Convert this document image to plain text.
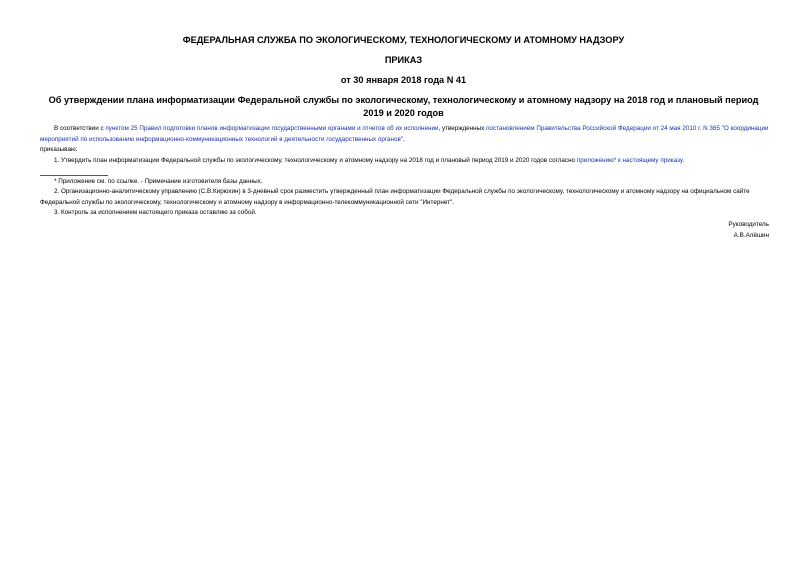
ФЕДЕРАЛЬНАЯ СЛУЖБА ПО ЭКОЛОГИЧЕСКОМУ, ТЕХНОЛОГИЧЕСКОМУ И АТОМНОМУ НАДЗОРУ

ПРИКАЗ

от 30 января 2018 года N 41

Об утверждении плана информатизации Федеральной службы по экологическому, технологическому и атомному надзору на 2018 год и плановый период 2019 и 2020 годов

В соответствии с пунктом 25 Правил подготовки планов информатизации государственными органами и отчетов об их исполнении, утвержденных постановлением Правительства Российской Федерации от 24 мая 2010 г. N 365 "О координации мероприятий по использованию информационно-коммуникационных технологий в деятельности государственных органов",

приказываю:

1. Утвердить план информатизации Федеральной службы по экологическому, технологическому и атомному надзору на 2018 год и плановый период 2019 и 2020 годов согласно приложению* к настоящему приказу.

* Приложение см. по ссылке. - Примечание изготовителя базы данных.

2. Организационно-аналитическому управлению (С.В.Кирюхин) в 3-дневный срок разместить утвержденный план информатизации Федеральной службы по экологическому, технологическому и атомному надзору на официальном сайте Федеральной службы по экологическому, технологическому и атомному надзору в информационно-телекоммуникационной сети "Интернет".

3. Контроль за исполнением настоящего приказа оставляю за собой.

Руководитель

А.В.Алёшин
